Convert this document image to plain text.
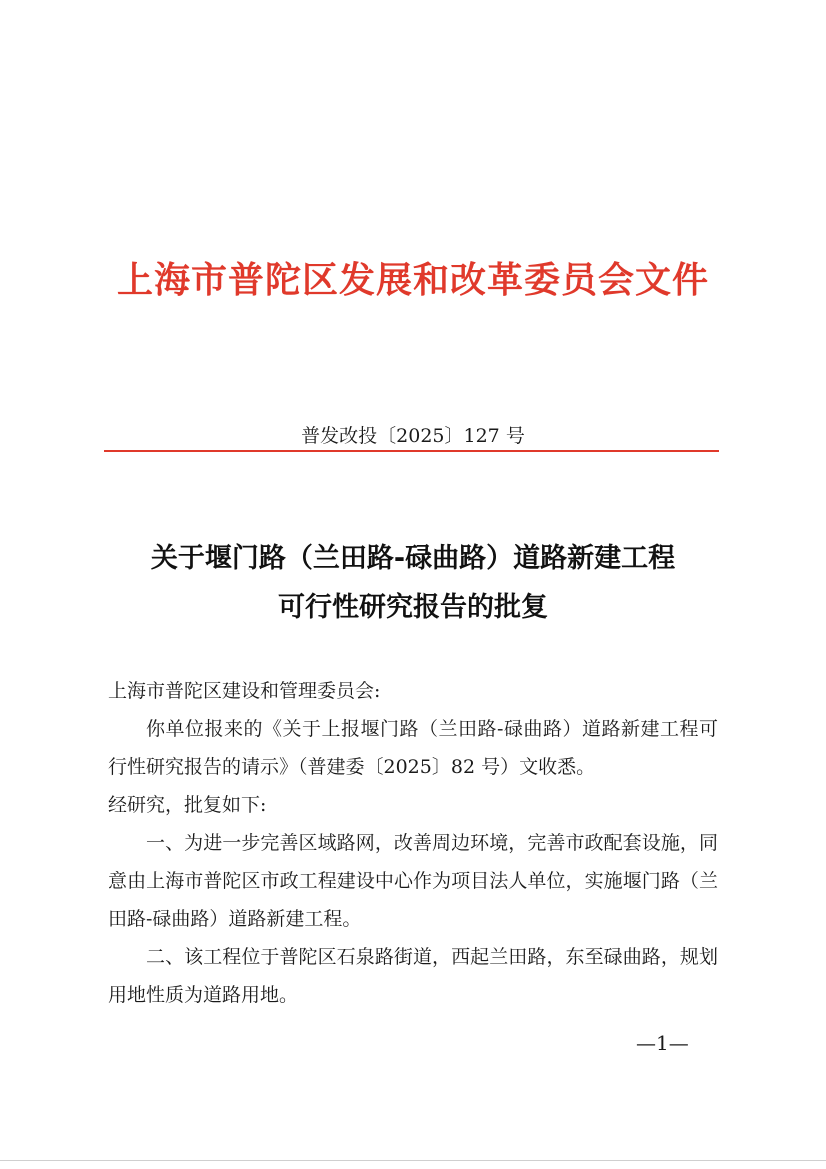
上海市普陀区发展和改革委员会文件
普发改投〔2025〕127 号
关于堰门路（兰田路-碌曲路）道路新建工程
可行性研究报告的批复

上海市普陀区建设和管理委员会:

你单位报来的《关于上报堰门路（兰田路-碌曲路）道路新建工程可行性研究报告的请示》（普建委〔2025〕82 号）文收悉。

经研究，批复如下:

一、为进一步完善区域路网，改善周边环境，完善市政配套设施，同意由上海市普陀区市政工程建设中心作为项目法人单位，实施堰门路（兰田路-碌曲路）道路新建工程。

二、该工程位于普陀区石泉路街道，西起兰田路，东至碌曲路，规划用地性质为道路用地。

—1—
